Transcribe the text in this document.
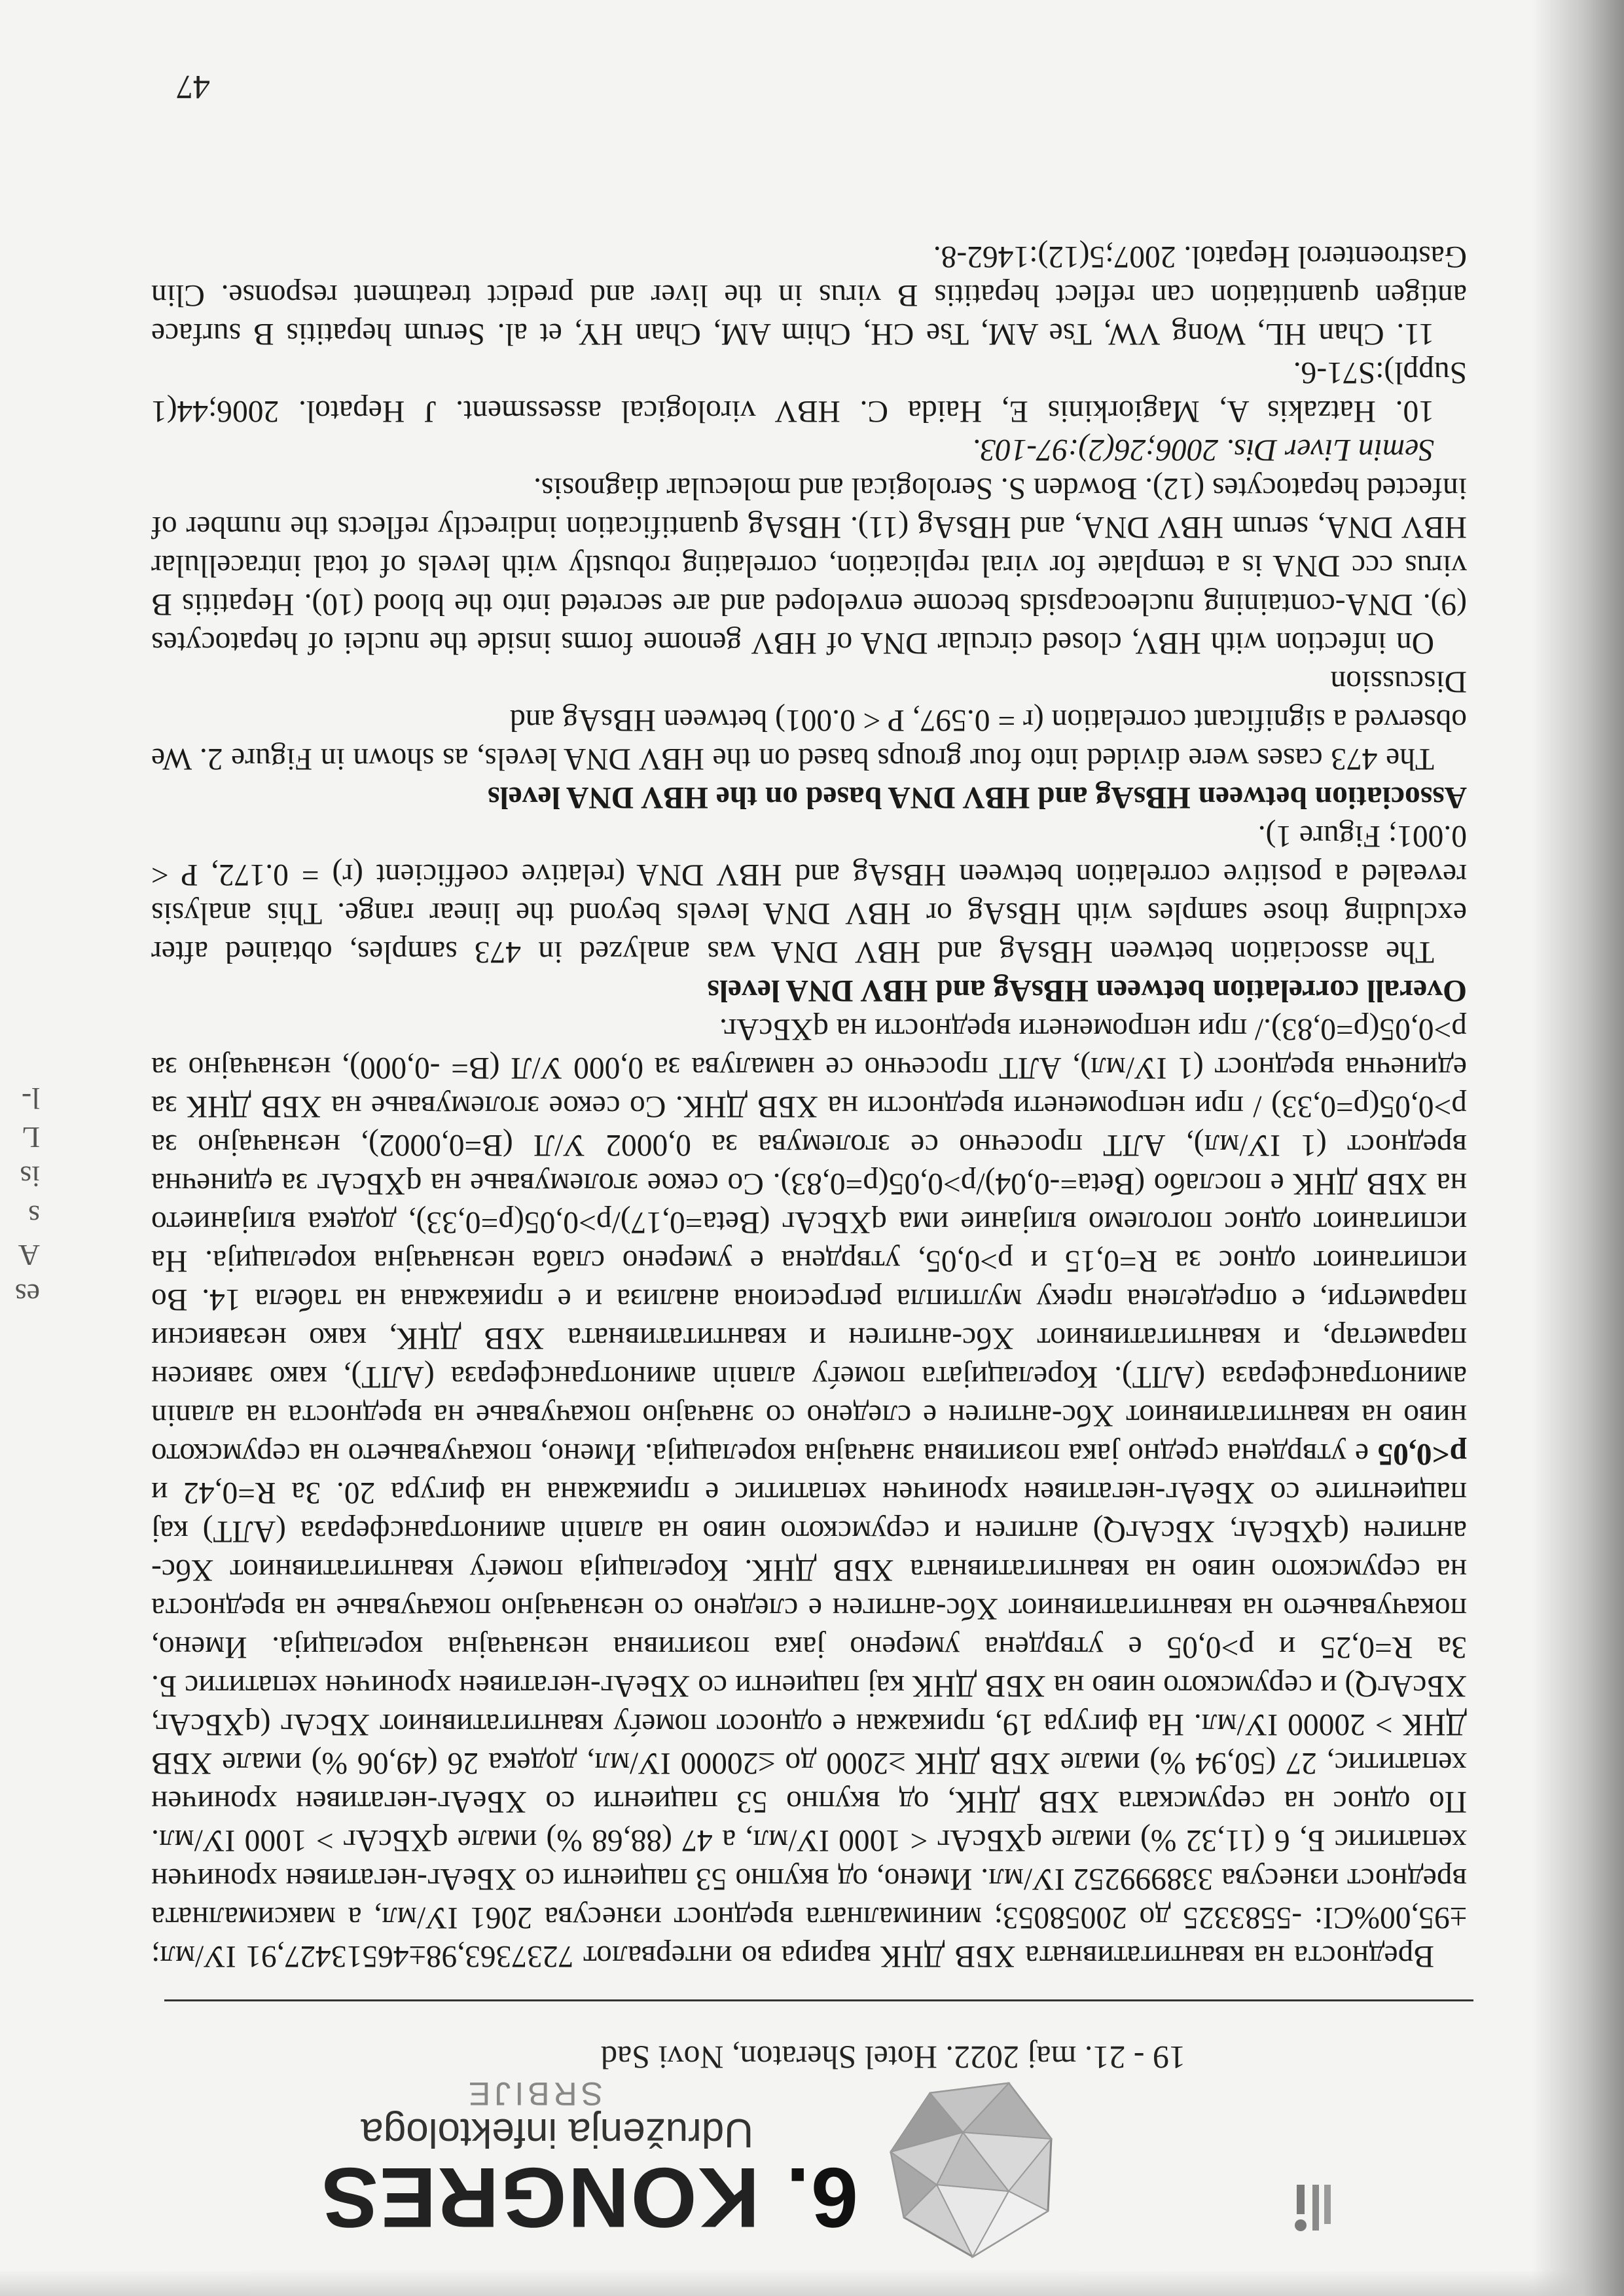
6. KONGRES
Udruženja infektologa
SRBIJE
19 - 21. maj 2022. Hotel Sheraton, Novi Sad

Вредноста на квантитативната ХБВ ДНК варира во интервалот 7237363,98±46513427,91 IУ/мл; ±95,00%CI: -5583325 до 20058053; минималната вредност изнесува 2061 IУ/мл, а максималната вредност изнесува 338999252 IУ/мл. Имено, од вкупно 53 пациенти со ХБеАг-негативен хроничен хепатитис Б, 6 (11,32 %) имале qХБсАг < 1000 IУ/мл, а 47 (88,68 %) имале qХБсАг > 1000 IУ/мл. По однос на серумската ХБВ ДНК, од вкупно 53 пациенти со ХБеАг-негативен хроничен хепатитис, 27 (50,94 %) имале ХБВ ДНК ≥2000 до ≤20000 IУ/мл, додека 26 (49,06 %) имале ХБВ ДНК > 20000 IУ/мл. На фигура 19, прикажан е односот помеѓу квантитативниот ХБсАг (qХБсАг, ХБсАгQ) и серумското ниво на ХБВ ДНК кај пациенти со ХБеАг-негативен хроничен хепатитис Б. За R=0,25 и p>0,05 е утврдена умерено јака позитивна незначајна корелација. Имено, покачувањето на квантитативниот Хбс-антиген е следено со незначајно покачување на вредноста на серумското ниво на квантитативната ХБВ ДНК. Корелација помеѓу квантитативниот Хбс-антиген (qХБсАг, ХБсАгQ) антиген и серумското ниво на алanin аминотрансфераза (АЛТ) кај пациентите со ХБеАг-негативен хроничен хепатитис е прикажана на фигура 20. За R=0,42 и p<0,05 е утврдена средно јака позитивна значајна корелација. Имено, покачувањето на серумското ниво на квантитативниот Хбс-антиген е следено со значајно покачување на вредноста на алanin аминотрансфераза (АЛТ). Корелацијата помеѓу алanin аминотрансфераза (АЛТ), како зависен параметар, и квантитативниот Хбс-антиген и квантитативната ХБВ ДНК, како независни параметри, е определена преку мултипла регресиона анализа и е прикажана на табела 14. Во испитаниот однос за R=0,15 и p>0,05, утврдена е умерено слаба незначајна корелација. На испитаниот однос поголемо влијание има qХБсАг (Beta=0,17)/p>0,05(p=0,33), додека влијанието на ХБВ ДНК е послабо (Beta=-0,04)/p>0,05(p=0,83). Со секое зголемување на qХБсАг за единечна вредност (1 IУ/мл), АЛТ просечно се зголемува за 0,0002 У/Л (B=0,0002), незначајно за p>0,05(p=0,33) / при непроменети вредности на ХБВ ДНК. Со секое зголемување на ХБВ ДНК за единечна вредност (1 IУ/мл), АЛТ просечно се намалува за 0,000 У/Л (B= -0,000), незначајно за p>0,05(p=0,83)./ при непроменети вредности на qХБсАг.

Overall correlation between HBsAg and HBV DNA levels

The association between HBsAg and HBV DNA was analyzed in 473 samples, obtained after excluding those samples with HBsAg or HBV DNA levels beyond the linear range. This analysis revealed a positive correlation between HBsAg and HBV DNA (relative coefficient (r) = 0.172, P < 0.001; Figure 1).

Association between HBsAg and HBV DNA based on the HBV DNA levels

The 473 cases were divided into four groups based on the HBV DNA levels, as shown in Figure 2. We observed a significant correlation (r = 0.597, P < 0.001) between HBsAg and

Discussion

On infection with HBV, closed circular DNA of HBV genome forms inside the nuclei of hepatocytes (9). DNA-containing nucleocapsids become enveloped and are secreted into the blood (10). Hepatitis B virus ccc DNA is a template for viral replication, correlating robustly with levels of total intracellular HBV DNA, serum HBV DNA, and HBsAg (11). HBsAg quantification indirectly reflects the number of infected hepatocytes (12). Bowden S. Serological and molecular diagnosis.

Semin Liver Dis. 2006;26(2):97-103.

10. Hatzakis A, Magiorkinis E, Haida C. HBV virological assessment. J Hepatol. 2006;44(1 Suppl):S71-6.

11. Chan HL, Wong VW, Tse AM, Tse CH, Chim AM, Chan HY, et al. Serum hepatitis B surface antigen quantitation can reflect hepatitis B virus in the liver and predict treatment response. Clin Gastroenterol Hepatol. 2007;5(12):1462-8.

47
es
A
s
is
L
l-
